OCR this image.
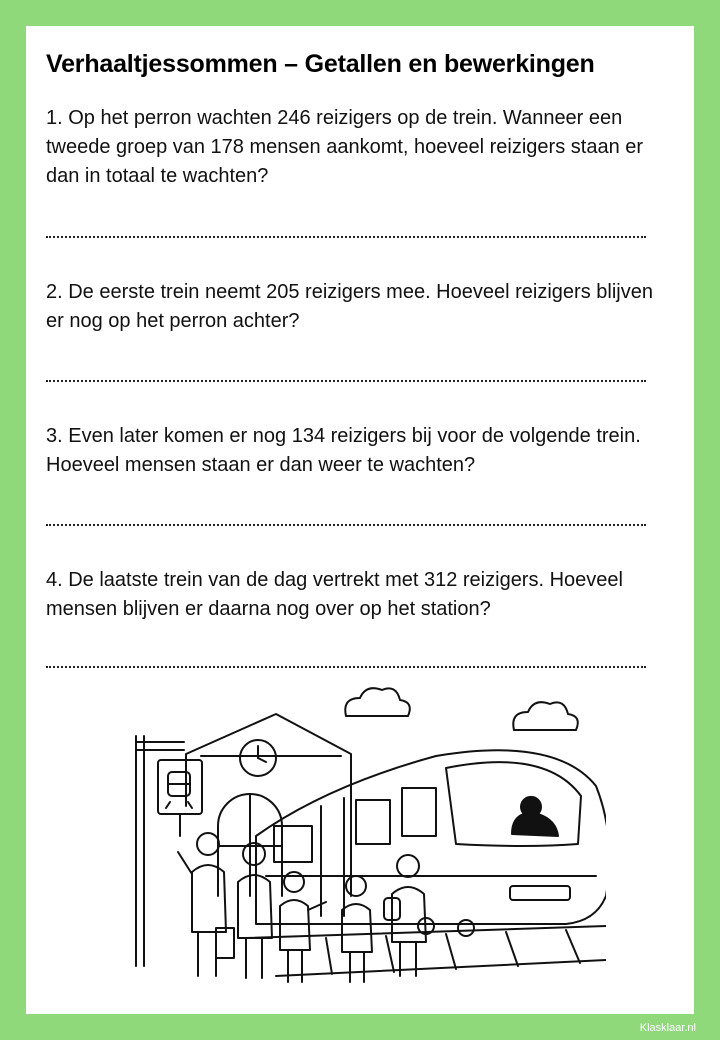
Verhaaltjessommen – Getallen en bewerkingen
1. Op het perron wachten 246 reizigers op de trein. Wanneer een tweede groep van 178 mensen aankomt, hoeveel reizigers staan er dan in totaal te wachten?
2. De eerste trein neemt 205 reizigers mee. Hoeveel reizigers blijven er nog op het perron achter?
3. Even later komen er nog 134 reizigers bij voor de volgende trein. Hoeveel mensen staan er dan weer te wachten?
4. De laatste trein van de dag vertrekt met 312 reizigers. Hoeveel mensen blijven er daarna nog over op het station?
Klasklaar.nl
